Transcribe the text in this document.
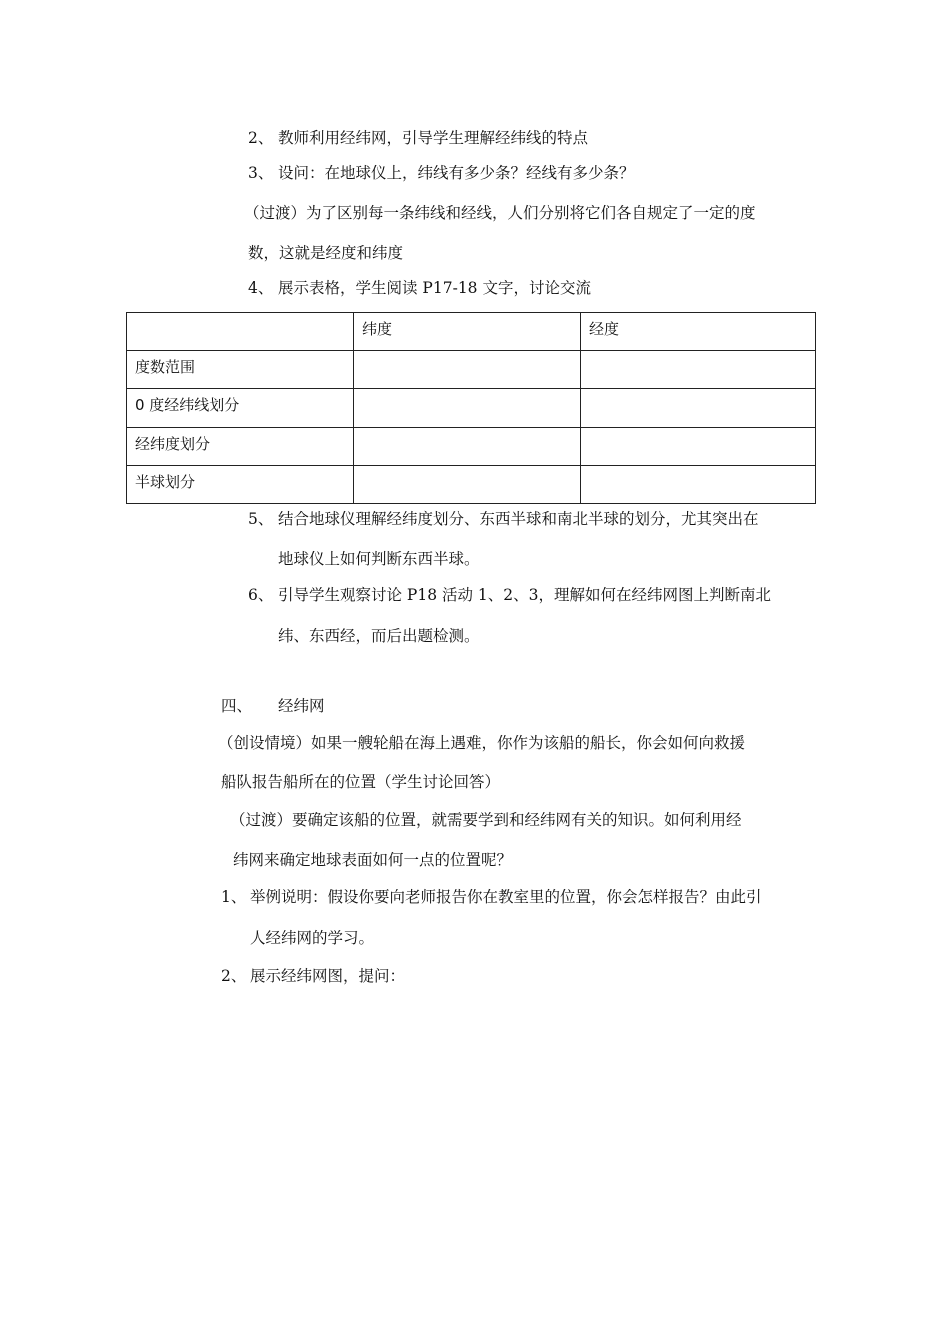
2、 教师利用经纬网，引导学生理解经纬线的特点
3、 设问：在地球仪上，纬线有多少条？经线有多少条？
（过渡）为了区别每一条纬线和经线，人们分别将它们各自规定了一定的度
数，这就是经度和纬度
4、 展示表格，学生阅读 P17-18 文字，讨论交流
	纬度	经度
度数范围		
0 度经纬线划分		
经纬度划分		
半球划分		
5、 结合地球仪理解经纬度划分、东西半球和南北半球的划分，尤其突出在
地球仪上如何判断东西半球。
6、 引导学生观察讨论 P18 活动 1、2、3，理解如何在经纬网图上判断南北
纬、东西经，而后出题检测。
四、 经纬网
（创设情境）如果一艘轮船在海上遇难，你作为该船的船长，你会如何向救援
船队报告船所在的位置（学生讨论回答）
（过渡）要确定该船的位置，就需要学到和经纬网有关的知识。如何利用经
纬网来确定地球表面如何一点的位置呢？
1、 举例说明：假设你要向老师报告你在教室里的位置，你会怎样报告？由此引
人经纬网的学习。
2、 展示经纬网图，提问：
